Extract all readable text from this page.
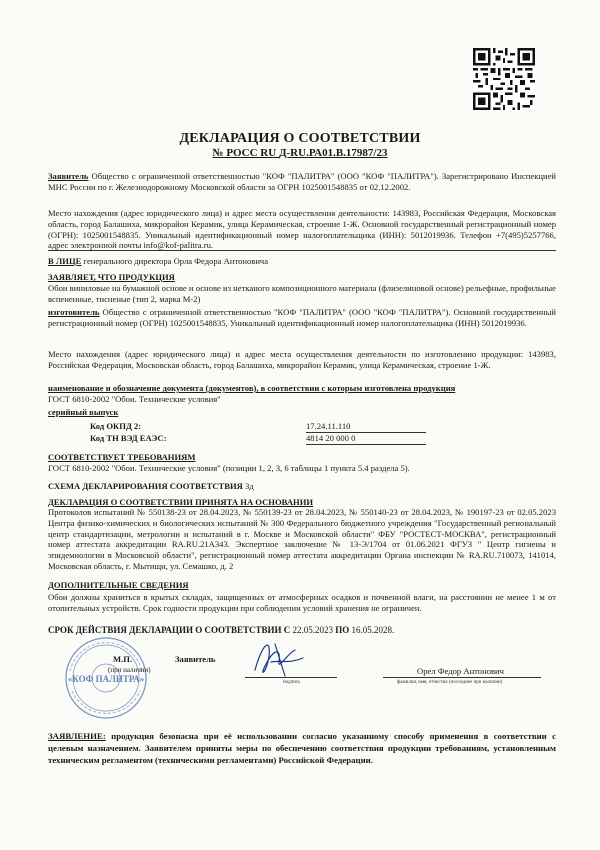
ДЕКЛАРАЦИЯ О СООТВЕТСТВИИ
№ РОСС RU Д-RU.РА01.В.17987/23
Заявитель Общество с ограниченной ответственностью "КОФ "ПАЛИТРА" (ООО "КОФ "ПАЛИТРА"). Зарегистрировано Инспекцией МНС России по г. Железнодорожному Московской области за ОГРН 1025001548835 от 02.12.2002.
Место нахождения (адрес юридического лица) и адрес места осуществления деятельности: 143983, Российская Федерация, Московская область, город Балашиха, микрорайон Керамик, улица Керамическая, строение 1-Ж. Основной государственный регистрационный номер (ОГРН): 1025001548835. Уникальный идентификационный номер налогоплательщика (ИНН): 5012019936. Телефон +7(495)5257766, адрес электронной почты info@kof-palitra.ru.
В ЛИЦЕ генерального директора Орла Федора Антоновича
ЗАЯВЛЯЕТ, ЧТО ПРОДУКЦИЯ
Обои виниловые на бумажной основе и основе из нетканого композиционного материала (флизелиновой основе) рельефные, профильные вспененные, тисненые (тип 2, марка М-2)
изготовитель Общество с ограниченной ответственностью "КОФ "ПАЛИТРА" (ООО "КОФ "ПАЛИТРА"). Основной государственный регистрационный номер (ОГРН) 1025001548835, Уникальный идентификационный номер налогоплательщика (ИНН) 5012019936.
Место нахождения (адрес юридического лица) и адрес места осуществления деятельности по изготовлению продукции: 143983, Российская Федерация, Московская область, город Балашиха, микрорайон Керамик, улица Керамическая, строение 1-Ж.
наименование и обозначение документа (документов), в соответствии с которым изготовлена продукция
ГОСТ 6810-2002 "Обои. Технические условия"
серийный выпуск
Код ОКПД 2:	17.24.11.110
Код ТН ВЭД ЕАЭС:	4814 20 000 0
СООТВЕТСТВУЕТ ТРЕБОВАНИЯМ
ГОСТ 6810-2002 "Обои. Технические условия" (позиции 1, 2, 3, 6 таблицы 1 пункта 5.4 раздела 5).
СХЕМА ДЕКЛАРИРОВАНИЯ СООТВЕТСТВИЯ 3д
ДЕКЛАРАЦИЯ О СООТВЕТСТВИИ ПРИНЯТА НА ОСНОВАНИИ
Протоколов испытаний № 550138-23 от 28.04.2023, № 550139-23 от 28.04.2023, № 550140-23 от 28.04.2023, № 190197-23 от 02.05.2023 Центра физико-химических и биологических испытаний № 300 Федерального бюджетного учреждения "Государственный региональный центр стандартизации, метрологии и испытаний в г. Москве и Московской области" ФБУ "РОСТЕСТ-МОСКВА", регистрационный номер аттестата аккредитации RA.RU.21А343. Экспертное заключение № 13-Э/1704 от 01.06.2021 ФГУЗ " Центр гигиены и эпидемиологии в Московской области", регистрационный номер аттестата аккредитации Органа инспекции № RA.RU.710073, 141014, Московская область, г. Мытищи, ул. Семашко, д. 2
ДОПОЛНИТЕЛЬНЫЕ СВЕДЕНИЯ
Обои должны храниться в крытых складах, защищенных от атмосферных осадков и почвенной влаги, на расстоянии не менее 1 м от отопительных устройств. Срок годности продукции при соблюдении условий хранения не ограничен.
СРОК ДЕЙСТВИЯ ДЕКЛАРАЦИИ О СООТВЕТСТВИИ С 22.05.2023 ПО 16.05.2028.
«КОФ ПАЛИТРА»
М.П.
(при наличии)
Заявитель
подпись
Орел Федор Антонович
фамилия, имя, отчество (последнее при наличии)
ЗАЯВЛЕНИЕ: продукция безопасна при её использовании согласно указанному способу применения в соответствии с целевым назначением. Заявителем приняты меры по обеспечению соответствия продукции требованиям, установленным техническим регламентом (техническими регламентами) Российской Федерации.
